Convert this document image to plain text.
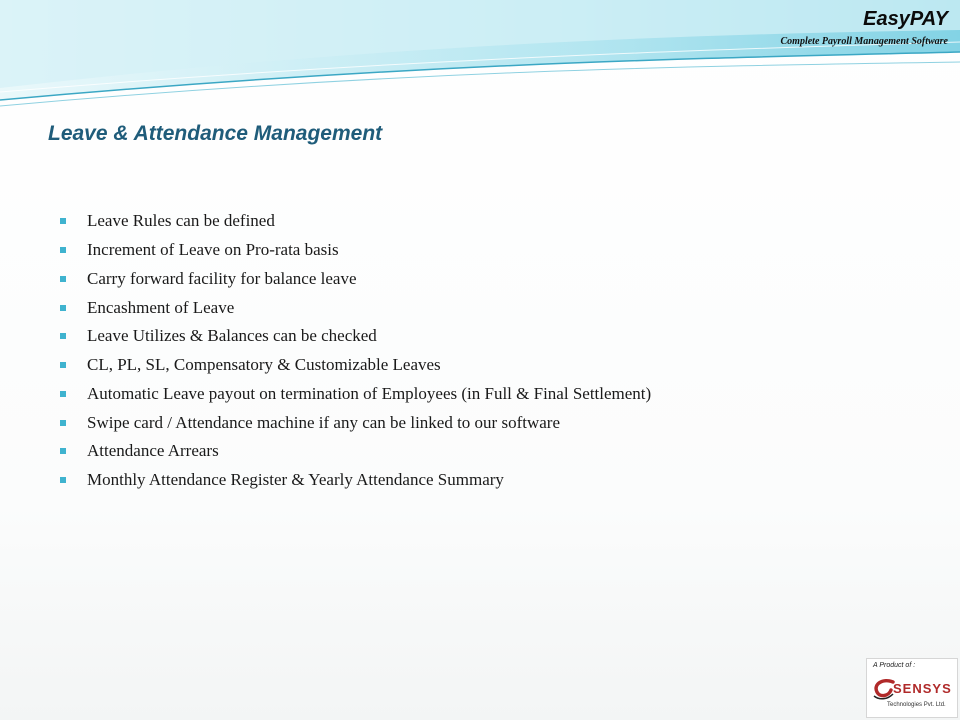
EasyPAY
Complete Payroll Management Software
Leave & Attendance Management
Leave Rules can be defined
Increment of Leave on Pro-rata basis
Carry forward facility for balance leave
Encashment of Leave
Leave Utilizes & Balances can be checked
CL, PL, SL, Compensatory & Customizable Leaves
Automatic Leave payout on termination of Employees (in Full & Final Settlement)
Swipe card / Attendance machine if any can be linked to our software
Attendance Arrears
Monthly Attendance Register & Yearly Attendance Summary
A Product of :
SENSYS
Technologies Pvt. Ltd.
